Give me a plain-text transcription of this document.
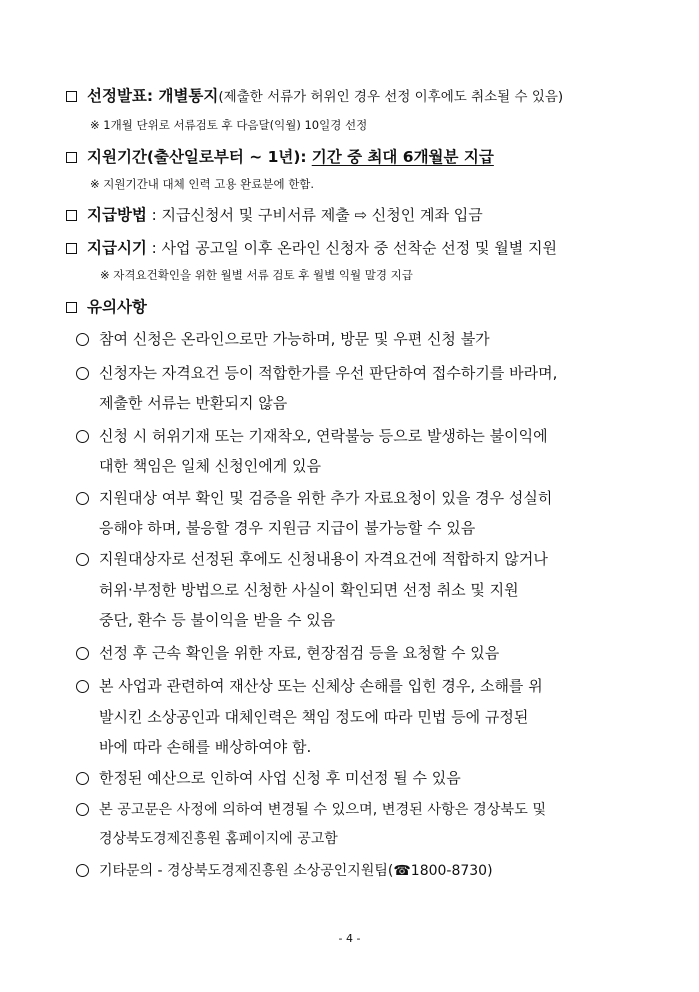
선정발표: 개별통지(제출한 서류가 허위인 경우 선정 이후에도 취소될 수 있음)
※ 1개월 단위로 서류검토 후 다음달(익월) 10일경 선정
지원기간(출산일로부터 ~ 1년): 기간 중 최대 6개월분 지급
※ 지원기간내 대체 인력 고용 완료분에 한함.
지급방법 : 지급신청서 및 구비서류 제출 ⇨ 신청인 계좌 입금
지급시기 : 사업 공고일 이후 온라인 신청자 중 선착순 선정 및 월별 지원
※ 자격요건확인을 위한 월별 서류 검토 후 월별 익월 말경 지급
유의사항
참여 신청은 온라인으로만 가능하며, 방문 및 우편 신청 불가
신청자는 자격요건 등이 적합한가를 우선 판단하여 접수하기를 바라며,
제출한 서류는 반환되지 않음
신청 시 허위기재 또는 기재착오, 연락불능 등으로 발생하는 불이익에
대한 책임은 일체 신청인에게 있음
지원대상 여부 확인 및 검증을 위한 추가 자료요청이 있을 경우 성실히
응해야 하며, 불응할 경우 지원금 지급이 불가능할 수 있음
지원대상자로 선정된 후에도 신청내용이 자격요건에 적합하지 않거나
허위·부정한 방법으로 신청한 사실이 확인되면 선정 취소 및 지원
중단, 환수 등 불이익을 받을 수 있음
선정 후 근속 확인을 위한 자료, 현장점검 등을 요청할 수 있음
본 사업과 관련하여 재산상 또는 신체상 손해를 입힌 경우, 소해를 위
발시킨 소상공인과 대체인력은 책임 정도에 따라 민법 등에 규정된
바에 따라 손해를 배상하여야 함.
한정된 예산으로 인하여 사업 신청 후 미선정 될 수 있음
본 공고문은 사정에 의하여 변경될 수 있으며, 변경된 사항은 경상북도 및
경상북도경제진흥원 홈페이지에 공고함
기타문의 - 경상북도경제진흥원 소상공인지원팀(☎1800-8730)
- 4 -
